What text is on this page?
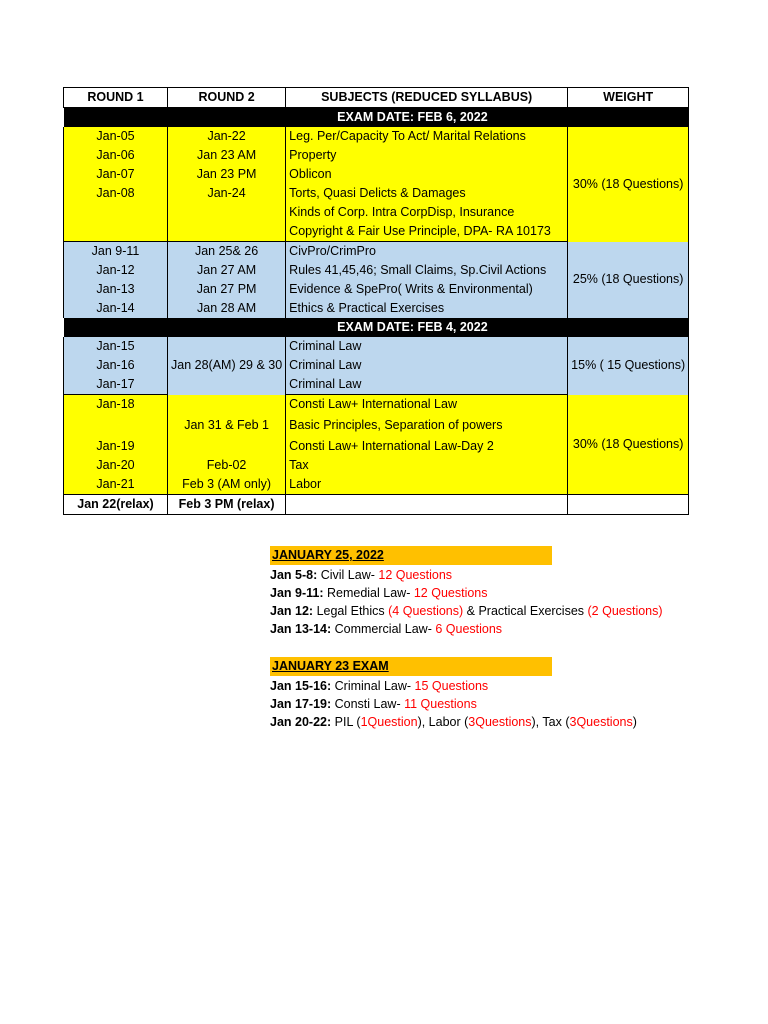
ROUND 1	ROUND 2	SUBJECTS (REDUCED SYLLABUS)	WEIGHT
EXAM DATE: FEB 6, 2022			
Jan-05	Jan-22	Leg. Per/Capacity To Act/ Marital Relations	30% (18 Questions)
Jan-06	Jan 23 AM	Property	
Jan-07	Jan 23 PM	Oblicon	
Jan-08	Jan-24	Torts, Quasi Delicts & Damages	
		Kinds of Corp. Intra CorpDisp, Insurance	
		Copyright & Fair Use Principle, DPA- RA 10173	
Jan 9-11	Jan 25& 26	CivPro/CrimPro	25% (18 Questions)
Jan-12	Jan 27 AM	Rules 41,45,46; Small Claims, Sp.Civil Actions	
Jan-13	Jan 27 PM	Evidence & SpePro( Writs & Environmental)	
Jan-14	Jan 28 AM	Ethics & Practical Exercises	
EXAM DATE: FEB 4, 2022			
Jan-15	Jan 28(AM) 29 & 30	Criminal Law	15% ( 15 Questions)
Jan-16		Criminal Law	
Jan-17		Criminal Law	
Jan-18		Consti Law+ International Law	30% (18 Questions)
	Jan 31 & Feb 1	Basic Principles, Separation of powers	
Jan-19		Consti Law+ International Law-Day 2	
Jan-20	Feb-02	Tax	
Jan-21	Feb 3 (AM only)	Labor	
Jan 22(relax)	Feb 3 PM (relax)		
JANUARY 25, 2022
Jan 5-8: Civil Law- 12 Questions
Jan 9-11: Remedial Law- 12 Questions
Jan 12: Legal Ethics (4 Questions) & Practical Exercises (2 Questions)
Jan 13-14: Commercial Law- 6 Questions
JANUARY 23 EXAM
Jan 15-16: Criminal Law- 15 Questions
Jan 17-19: Consti Law- 11 Questions
Jan 20-22: PIL (1Question), Labor (3Questions), Tax (3Questions)
